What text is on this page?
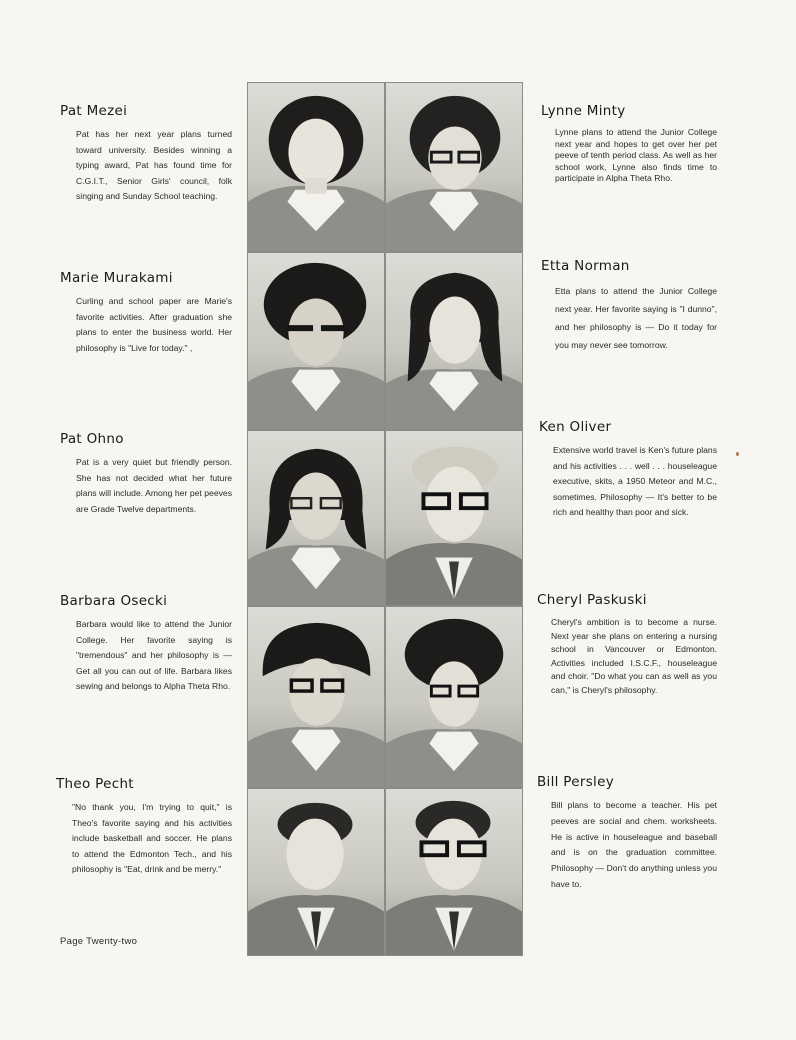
Pat Mezei

Pat has her next year plans turned toward university. Besides winning a typing award, Pat has found time for C.G.I.T., Senior Girls' council, folk singing and Sunday School teaching.

Marie Murakami

Curling and school paper are Marie's favorite activities. After graduation she plans to enter the business world. Her philosophy is "Live for today." ,

Pat Ohno

Pat is a very quiet but friendly person. She has not decided what her future plans will include. Among her pet peeves are Grade Twelve departments.

Barbara Osecki

Barbara would like to attend the Junior College. Her favorite saying is "tremendous" and her philosophy is — Get all you can out of life. Barbara likes sewing and belongs to Alpha Theta Rho.

Theo Pecht

"No thank you, I'm trying to quit," is Theo's favorite saying and his activities include basketball and soccer. He plans to attend the Edmonton Tech., and his philosophy is "Eat, drink and be merry."

Lynne Minty

Lynne plans to attend the Junior College next year and hopes to get over her pet peeve of tenth period class. As well as her school work, Lynne also finds time to participate in Alpha Theta Rho.

Etta Norman

Etta plans to attend the Junior College next year. Her favorite saying is "I dunno", and her philosophy is — Do it today for you may never see tomorrow.

Ken Oliver

Extensive world travel is Ken's future plans and his activities . . . well . . . houseleague executive, skits, a 1950 Meteor and M.C., sometimes. Philosophy — It's better to be rich and healthy than poor and sick.

Cheryl Paskuski

Cheryl's ambition is to become a nurse. Next year she plans on entering a nursing school in Vancouver or Edmonton. Activities included I.S.C.F., houseleague and choir. "Do what you can as well as you can," is Cheryl's philosophy.

Bill Persley

Bill plans to become a teacher. His pet peeves are social and chem. worksheets. He is active in houseleague and baseball and is on the graduation committee. Philosophy — Don't do anything unless you have to.

Page Twenty-two
